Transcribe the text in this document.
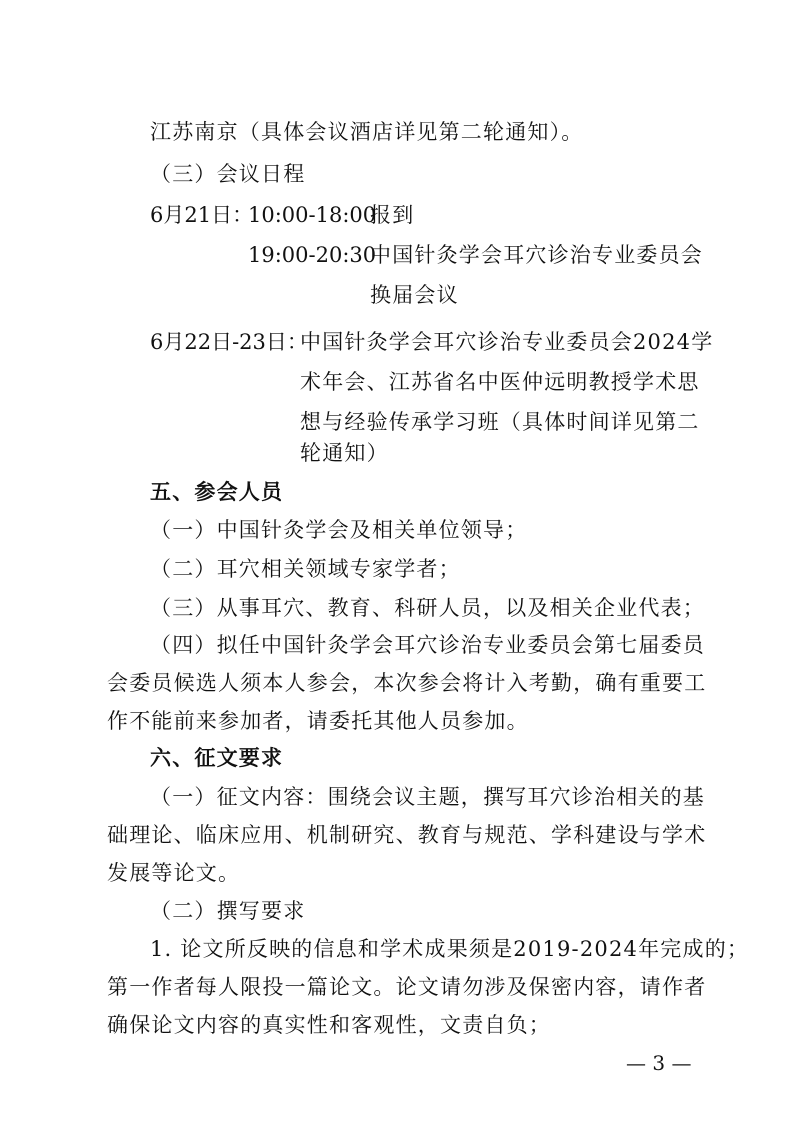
江苏南京（具体会议酒店详见第二轮通知）。
（三）会议日程
6月21日：
10:00-18:00
报到
19:00-20:30
中国针灸学会耳穴诊治专业委员会
换届会议
6月22日-23日：
中国针灸学会耳穴诊治专业委员会2024学
术年会、江苏省名中医仲远明教授学术思
想与经验传承学习班（具体时间详见第二
轮通知）
五、参会人员
（一）中国针灸学会及相关单位领导；
（二）耳穴相关领域专家学者；
（三）从事耳穴、教育、科研人员，以及相关企业代表；
（四）拟任中国针灸学会耳穴诊治专业委员会第七届委员
会委员候选人须本人参会，本次参会将计入考勤，确有重要工
作不能前来参加者，请委托其他人员参加。
六、征文要求
（一）征文内容：围绕会议主题，撰写耳穴诊治相关的基
础理论、临床应用、机制研究、教育与规范、学科建设与学术
发展等论文。
（二）撰写要求
1. 论文所反映的信息和学术成果须是2019-2024年完成的；
第一作者每人限投一篇论文。论文请勿涉及保密内容，请作者
确保论文内容的真实性和客观性，文责自负；
— 3 —
